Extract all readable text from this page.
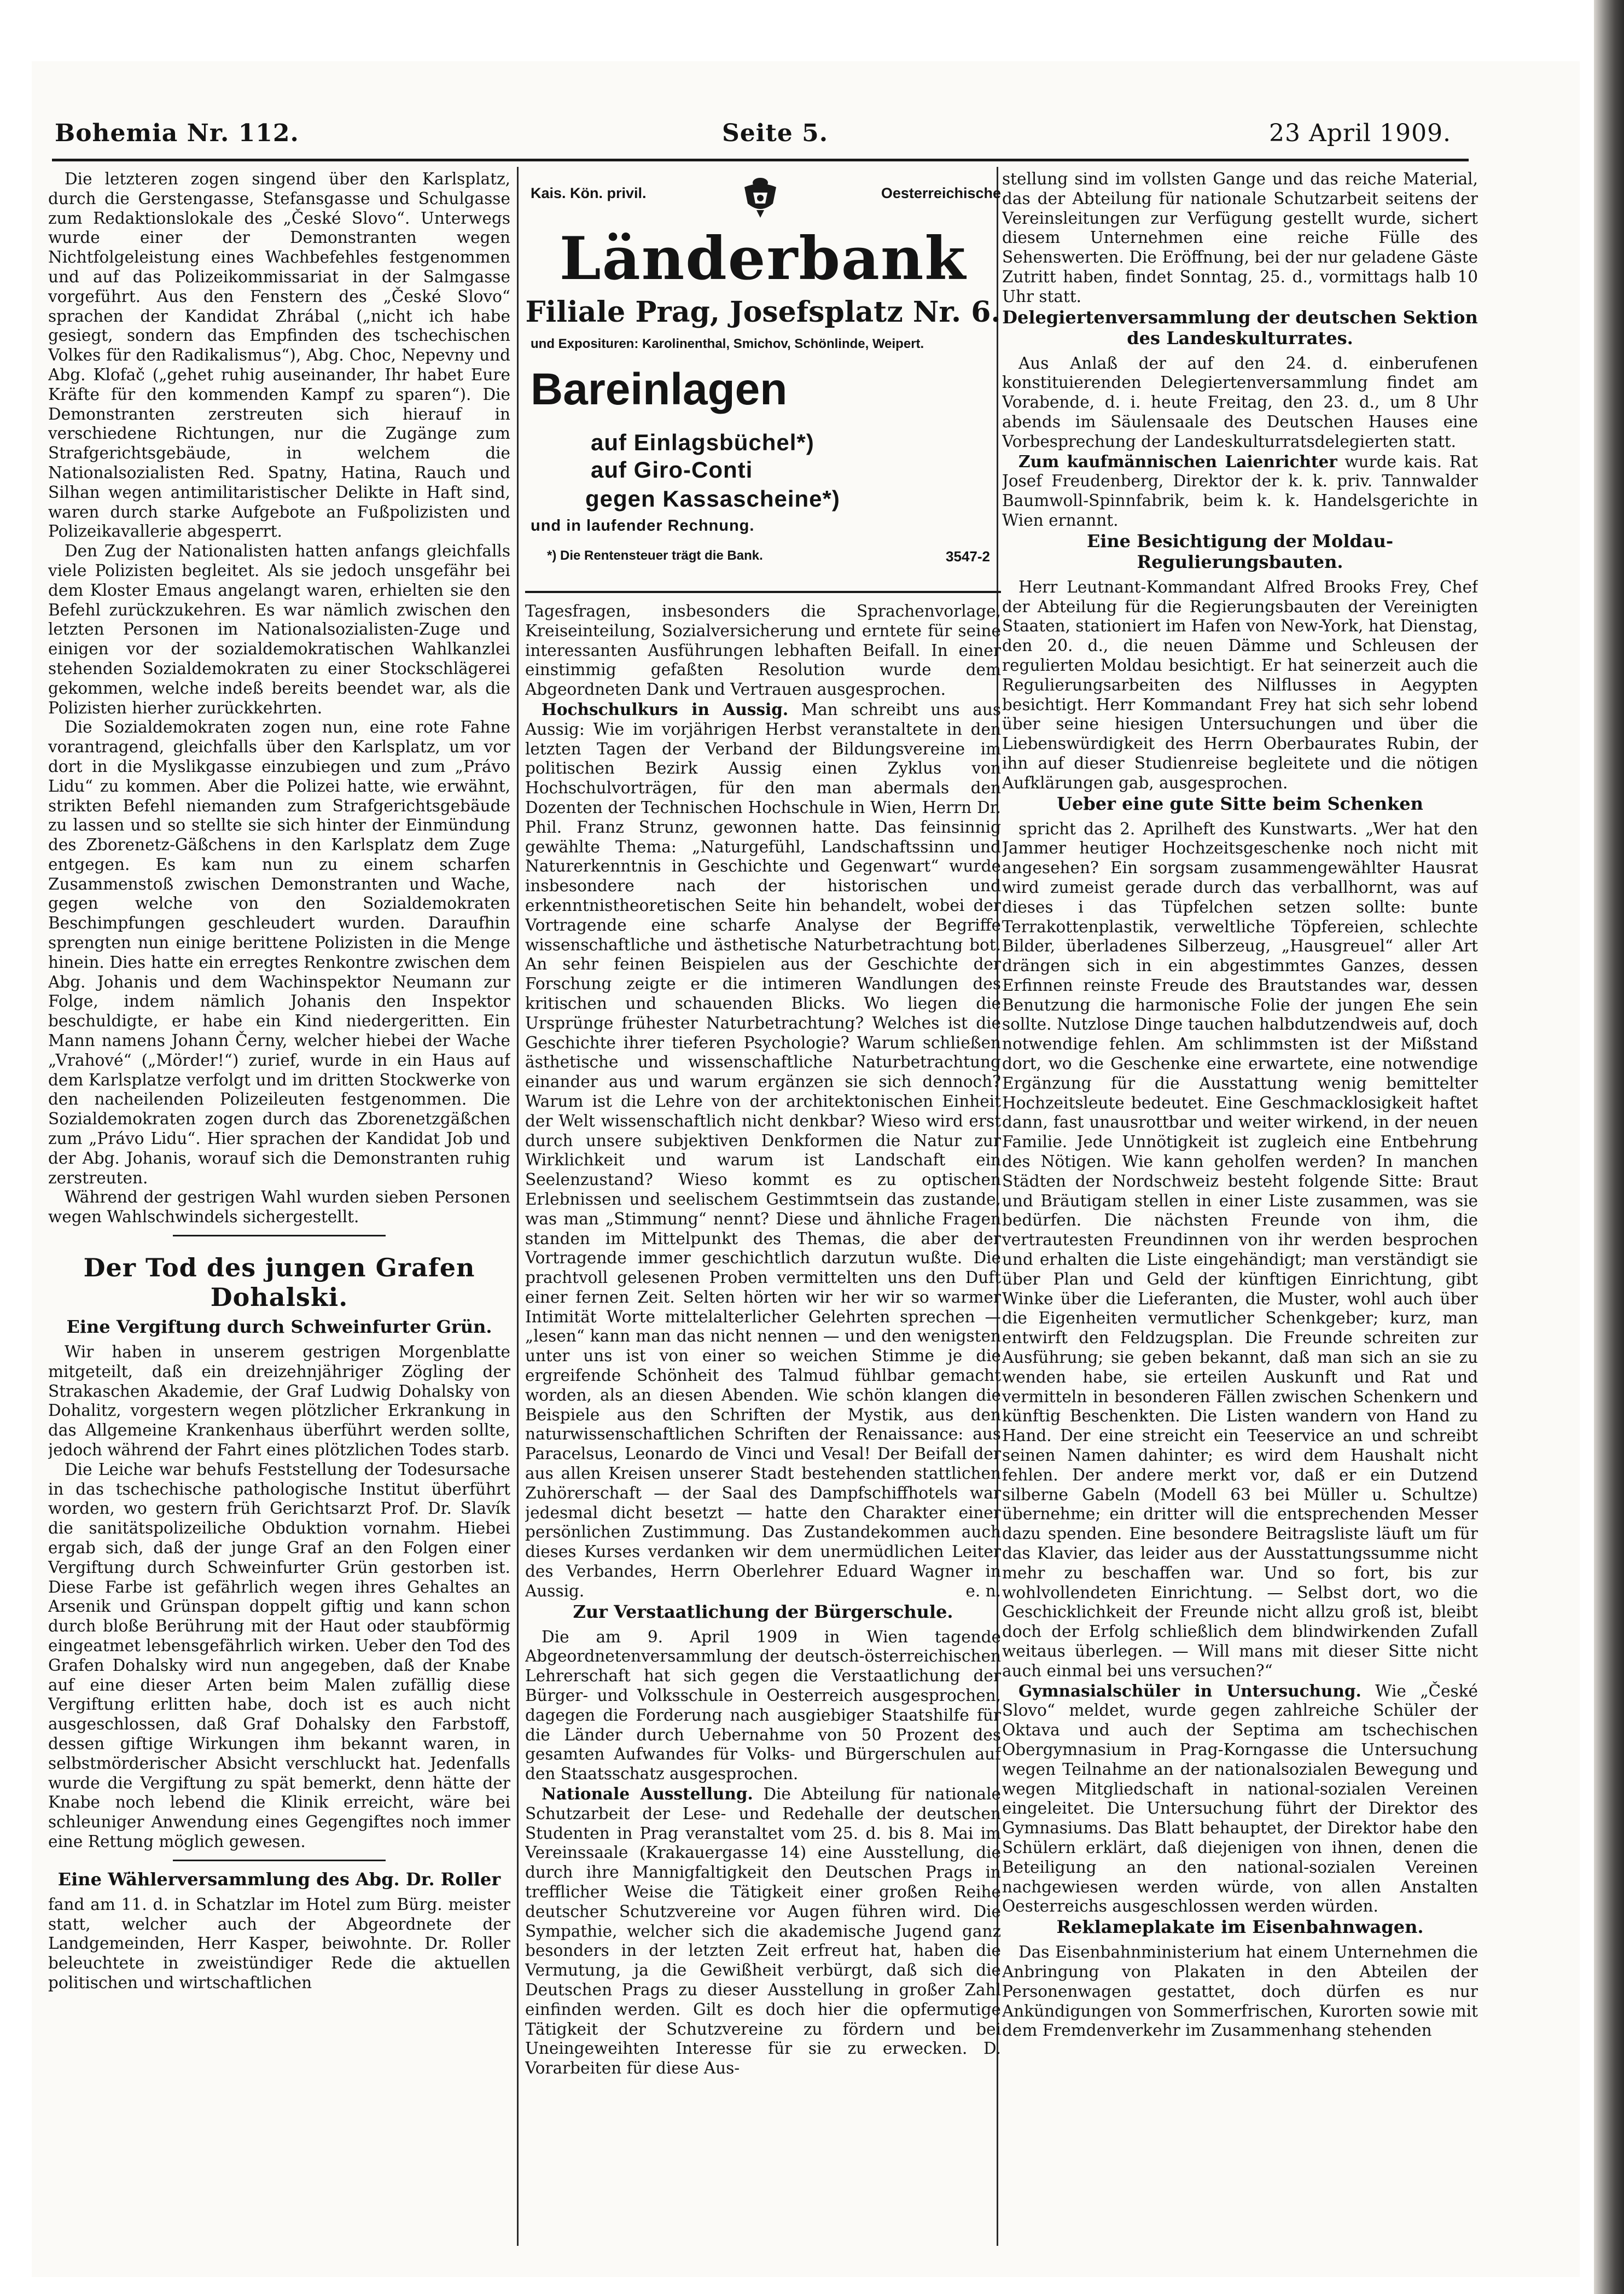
Bohemia Nr. 112.	Seite 5.	23 April 1909.

Die letzteren zogen singend über den Karlsplatz, durch die Gerstengasse, Stefansgasse und Schulgasse zum Redaktionslokale des „České Slovo“. Unterwegs wurde einer der Demonstranten wegen Nichtfolgeleistung eines Wachbefehles festgenommen und auf das Polizeikommissariat in der Salmgasse vorgeführt. Aus den Fenstern des „České Slovo“ sprachen der Kandidat Zhrábal („nicht ich habe gesiegt, sondern das Empfinden des tschechischen Volkes für den Radikalismus“), Abg. Choc, Nepevny und Abg. Klofač („gehet ruhig auseinander, Ihr habet Eure Kräfte für den kommenden Kampf zu sparen“). Die Demonstranten zerstreuten sich hierauf in verschiedene Richtungen, nur die Zugänge zum Strafgerichtsgebäude, in welchem die Nationalsozialisten Red. Spatny, Hatina, Rauch und Silhan wegen antimilitaristischer Delikte in Haft sind, waren durch starke Aufgebote an Fußpolizisten und Polizeikavallerie abgesperrt.

Den Zug der Nationalisten hatten anfangs gleichfalls viele Polizisten begleitet. Als sie jedoch unsgefähr bei dem Kloster Emaus angelangt waren, erhielten sie den Befehl zurückzukehren. Es war nämlich zwischen den letzten Personen im Nationalsozialisten-Zuge und einigen vor der sozialdemokratischen Wahlkanzlei stehenden Sozialdemokraten zu einer Stockschlägerei gekommen, welche indeß bereits beendet war, als die Polizisten hierher zurückkehrten.

Die Sozialdemokraten zogen nun, eine rote Fahne vorantragend, gleichfalls über den Karlsplatz, um vor dort in die Myslikgasse einzubiegen und zum „Právo Lidu“ zu kommen. Aber die Polizei hatte, wie erwähnt, strikten Befehl niemanden zum Strafgerichtsgebäude zu lassen und so stellte sie sich hinter der Einmündung des Zborenetz-Gäßchens in den Karlsplatz dem Zuge entgegen. Es kam nun zu einem scharfen Zusammenstoß zwischen Demonstranten und Wache, gegen welche von den Sozialdemokraten Beschimpfungen geschleudert wurden. Daraufhin sprengten nun einige berittene Polizisten in die Menge hinein. Dies hatte ein erregtes Renkontre zwischen dem Abg. Johanis und dem Wachinspektor Neumann zur Folge, indem nämlich Johanis den Inspektor beschuldigte, er habe ein Kind niedergeritten. Ein Mann namens Johann Černy, welcher hiebei der Wache „Vrahové“ („Mörder!“) zurief, wurde in ein Haus auf dem Karlsplatze verfolgt und im dritten Stockwerke von den nacheilenden Polizeileuten festgenommen. Die Sozialdemokraten zogen durch das Zborenetzgäßchen zum „Právo Lidu“. Hier sprachen der Kandidat Job und der Abg. Johanis, worauf sich die Demonstranten ruhig zerstreuten.

Während der gestrigen Wahl wurden sieben Personen wegen Wahlschwindels sichergestellt.

Der Tod des jungen Grafen Dohalski.
Eine Vergiftung durch Schweinfurter Grün.

Wir haben in unserem gestrigen Morgenblatte mitgeteilt, daß ein dreizehnjähriger Zögling der Strakaschen Akademie, der Graf Ludwig Dohalsky von Dohalitz, vorgestern wegen plötzlicher Erkrankung in das Allgemeine Krankenhaus überführt werden sollte, jedoch während der Fahrt eines plötzlichen Todes starb.

Die Leiche war behufs Feststellung der Todesursache in das tschechische pathologische Institut überführt worden, wo gestern früh Gerichtsarzt Prof. Dr. Slavík die sanitätspolizeiliche Obduktion vornahm. Hiebei ergab sich, daß der junge Graf an den Folgen einer Vergiftung durch Schweinfurter Grün gestorben ist. Diese Farbe ist gefährlich wegen ihres Gehaltes an Arsenik und Grünspan doppelt giftig und kann schon durch bloße Berührung mit der Haut oder staubförmig eingeatmet lebensgefährlich wirken. Ueber den Tod des Grafen Dohalsky wird nun angegeben, daß der Knabe auf eine dieser Arten beim Malen zufällig diese Vergiftung erlitten habe, doch ist es auch nicht ausgeschlossen, daß Graf Dohalsky den Farbstoff, dessen giftige Wirkungen ihm bekannt waren, in selbstmörderischer Absicht verschluckt hat. Jedenfalls wurde die Vergiftung zu spät bemerkt, denn hätte der Knabe noch lebend die Klinik erreicht, wäre bei schleuniger Anwendung eines Gegengiftes noch immer eine Rettung möglich gewesen.

Eine Wählerversammlung des Abg. Dr. Roller

fand am 11. d. in Schatzlar im Hotel zum Bürg. meister statt, welcher auch der Abgeordnete der Landgemeinden, Herr Kasper, beiwohnte. Dr. Roller beleuchtete in zweistündiger Rede die aktuellen politischen und wirtschaftlichen

Kais. Kön. privil.	Oesterreichische
Länderbank
Filiale Prag, Josefsplatz Nr. 6.
und Exposituren: Karolinenthal, Smichov, Schönlinde, Weipert.
Bareinlagen
auf Einlagsbüchel*)
auf Giro-Conti
gegen Kassascheine*)
und in laufender Rechnung.
*) Die Rentensteuer trägt die Bank.	3547-2

Tagesfragen, insbesonders die Sprachenvorlage, Kreiseinteilung, Sozialversicherung und erntete für seine interessanten Ausführungen lebhaften Beifall. In einer einstimmig gefaßten Resolution wurde dem Abgeordneten Dank und Vertrauen ausgesprochen.

Hochschulkurs in Aussig. Man schreibt uns aus Aussig: Wie im vorjährigen Herbst veranstaltete in den letzten Tagen der Verband der Bildungsvereine im politischen Bezirk Aussig einen Zyklus von Hochschulvorträgen, für den man abermals den Dozenten der Technischen Hochschule in Wien, Herrn Dr. Phil. Franz Strunz, gewonnen hatte. Das feinsinnig gewählte Thema: „Naturgefühl, Landschaftssinn und Naturerkenntnis in Geschichte und Gegenwart“ wurde insbesondere nach der historischen und erkenntnistheoretischen Seite hin behandelt, wobei der Vortragende eine scharfe Analyse der Begriffe wissenschaftliche und ästhetische Naturbetrachtung bot. An sehr feinen Beispielen aus der Geschichte der Forschung zeigte er die intimeren Wandlungen des kritischen und schauenden Blicks. Wo liegen die Ursprünge frühester Naturbetrachtung? Welches ist die Geschichte ihrer tieferen Psychologie? Warum schließen ästhetische und wissenschaftliche Naturbetrachtung einander aus und warum ergänzen sie sich dennoch? Warum ist die Lehre von der architektonischen Einheit der Welt wissenschaftlich nicht denkbar? Wieso wird erst durch unsere subjektiven Denkformen die Natur zur Wirklichkeit und warum ist Landschaft ein Seelenzustand? Wieso kommt es zu optischen Erlebnissen und seelischem Gestimmtsein das zustande, was man „Stimmung“ nennt? Diese und ähnliche Fragen standen im Mittelpunkt des Themas, die aber der Vortragende immer geschichtlich darzutun wußte. Die prachtvoll gelesenen Proben vermittelten uns den Duft einer fernen Zeit. Selten hörten wir her wir so warmer Intimität Worte mittelalterlicher Gelehrten sprechen — „lesen“ kann man das nicht nennen — und den wenigsten unter uns ist von einer so weichen Stimme je die ergreifende Schönheit des Talmud fühlbar gemacht worden, als an diesen Abenden. Wie schön klangen die Beispiele aus den Schriften der Mystik, aus den naturwissenschaftlichen Schriften der Renaissance: aus Paracelsus, Leonardo de Vinci und Vesal! Der Beifall der aus allen Kreisen unserer Stadt bestehenden stattlichen Zuhörerschaft — der Saal des Dampfschiffhotels war jedesmal dicht besetzt — hatte den Charakter einer persönlichen Zustimmung. Das Zustandekommen auch dieses Kurses verdanken wir dem unermüdlichen Leiter des Verbandes, Herrn Oberlehrer Eduard Wagner in Aussig.	e. n.

Zur Verstaatlichung der Bürgerschule.

Die am 9. April 1909 in Wien tagende Abgeordnetenversammlung der deutsch-österreichischen Lehrerschaft hat sich gegen die Verstaatlichung der Bürger- und Volksschule in Oesterreich ausgesprochen, dagegen die Forderung nach ausgiebiger Staatshilfe für die Länder durch Uebernahme von 50 Prozent des gesamten Aufwandes für Volks- und Bürgerschulen auf den Staatsschatz ausgesprochen.

Nationale Ausstellung. Die Abteilung für nationale Schutzarbeit der Lese- und Redehalle der deutschen Studenten in Prag veranstaltet vom 25. d. bis 8. Mai im Vereinssaale (Krakauergasse 14) eine Ausstellung, die durch ihre Mannigfaltigkeit den Deutschen Prags in trefflicher Weise die Tätigkeit einer großen Reihe deutscher Schutzvereine vor Augen führen wird. Die Sympathie, welcher sich die akademische Jugend ganz besonders in der letzten Zeit erfreut hat, haben die Vermutung, ja die Gewißheit verbürgt, daß sich die Deutschen Prags zu dieser Ausstellung in großer Zahl einfinden werden. Gilt es doch hier die opfermutige Tätigkeit der Schutzvereine zu fördern und bei Uneingeweihten Interesse für sie zu erwecken. D. Vorarbeiten für diese Aus-

stellung sind im vollsten Gange und das reiche Material, das der Abteilung für nationale Schutzarbeit seitens der Vereinsleitungen zur Verfügung gestellt wurde, sichert diesem Unternehmen eine reiche Fülle des Sehenswerten. Die Eröffnung, bei der nur geladene Gäste Zutritt haben, findet Sonntag, 25. d., vormittags halb 10 Uhr statt.

Delegiertenversammlung der deutschen Sektion des Landeskulturrates.

Aus Anlaß der auf den 24. d. einberufenen konstituierenden Delegiertenversammlung findet am Vorabende, d. i. heute Freitag, den 23. d., um 8 Uhr abends im Säulensaale des Deutschen Hauses eine Vorbesprechung der Landeskulturratsdelegierten statt.

Zum kaufmännischen Laienrichter wurde kais. Rat Josef Freudenberg, Direktor der k. k. priv. Tannwalder Baumwoll-Spinnfabrik, beim k. k. Handelsgerichte in Wien ernannt.

Eine Besichtigung der Moldau-Regulierungsbauten.

Herr Leutnant-Kommandant Alfred Brooks Frey, Chef der Abteilung für die Regierungsbauten der Vereinigten Staaten, stationiert im Hafen von New-York, hat Dienstag, den 20. d., die neuen Dämme und Schleusen der regulierten Moldau besichtigt. Er hat seinerzeit auch die Regulierungsarbeiten des Nilflusses in Aegypten besichtigt. Herr Kommandant Frey hat sich sehr lobend über seine hiesigen Untersuchungen und über die Liebenswürdigkeit des Herrn Oberbaurates Rubin, der ihn auf dieser Studienreise begleitete und die nötigen Aufklärungen gab, ausgesprochen.

Ueber eine gute Sitte beim Schenken

spricht das 2. Aprilheft des Kunstwarts. „Wer hat den Jammer heutiger Hochzeitsgeschenke noch nicht mit angesehen? Ein sorgsam zusammengewählter Hausrat wird zumeist gerade durch das verballhornt, was auf dieses i das Tüpfelchen setzen sollte: bunte Terrakottenplastik, verweltliche Töpfereien, schlechte Bilder, überladenes Silberzeug, „Hausgreuel“ aller Art drängen sich in ein abgestimmtes Ganzes, dessen Erfinnen reinste Freude des Brautstandes war, dessen Benutzung die harmonische Folie der jungen Ehe sein sollte. Nutzlose Dinge tauchen halbdutzendweis auf, doch notwendige fehlen. Am schlimmsten ist der Mißstand dort, wo die Geschenke eine erwartete, eine notwendige Ergänzung für die Ausstattung wenig bemittelter Hochzeitsleute bedeutet. Eine Geschmacklosigkeit haftet dann, fast unausrottbar und weiter wirkend, in der neuen Familie. Jede Unnötigkeit ist zugleich eine Entbehrung des Nötigen. Wie kann geholfen werden? In manchen Städten der Nordschweiz besteht folgende Sitte: Braut und Bräutigam stellen in einer Liste zusammen, was sie bedürfen. Die nächsten Freunde von ihm, die vertrautesten Freundinnen von ihr werden besprochen und erhalten die Liste eingehändigt; man verständigt sie über Plan und Geld der künftigen Einrichtung, gibt Winke über die Lieferanten, die Muster, wohl auch über die Eigenheiten vermutlicher Schenkgeber; kurz, man entwirft den Feldzugsplan. Die Freunde schreiten zur Ausführung; sie geben bekannt, daß man sich an sie zu wenden habe, sie erteilen Auskunft und Rat und vermitteln in besonderen Fällen zwischen Schenkern und künftig Beschenkten. Die Listen wandern von Hand zu Hand. Der eine streicht ein Teeservice an und schreibt seinen Namen dahinter; es wird dem Haushalt nicht fehlen. Der andere merkt vor, daß er ein Dutzend silberne Gabeln (Modell 63 bei Müller u. Schultze) übernehme; ein dritter will die entsprechenden Messer dazu spenden. Eine besondere Beitragsliste läuft um für das Klavier, das leider aus der Ausstattungssumme nicht mehr zu beschaffen war. Und so fort, bis zur wohlvollendeten Einrichtung. — Selbst dort, wo die Geschicklichkeit der Freunde nicht allzu groß ist, bleibt doch der Erfolg schließlich dem blindwirkenden Zufall weitaus überlegen. — Will mans mit dieser Sitte nicht auch einmal bei uns versuchen?“

Gymnasialschüler in Untersuchung. Wie „České Slovo“ meldet, wurde gegen zahlreiche Schüler der Oktava und auch der Septima am tschechischen Obergymnasium in Prag-Korngasse die Untersuchung wegen Teilnahme an der nationalsozialen Bewegung und wegen Mitgliedschaft in national-sozialen Vereinen eingeleitet. Die Untersuchung führt der Direktor des Gymnasiums. Das Blatt behauptet, der Direktor habe den Schülern erklärt, daß diejenigen von ihnen, denen die Beteiligung an den national-sozialen Vereinen nachgewiesen werden würde, von allen Anstalten Oesterreichs ausgeschlossen werden würden.

Reklameplakate im Eisenbahnwagen.

Das Eisenbahnministerium hat einem Unternehmen die Anbringung von Plakaten in den Abteilen der Personenwagen gestattet, doch dürfen es nur Ankündigungen von Sommerfrischen, Kurorten sowie mit dem Fremdenverkehr im Zusammenhang stehenden
